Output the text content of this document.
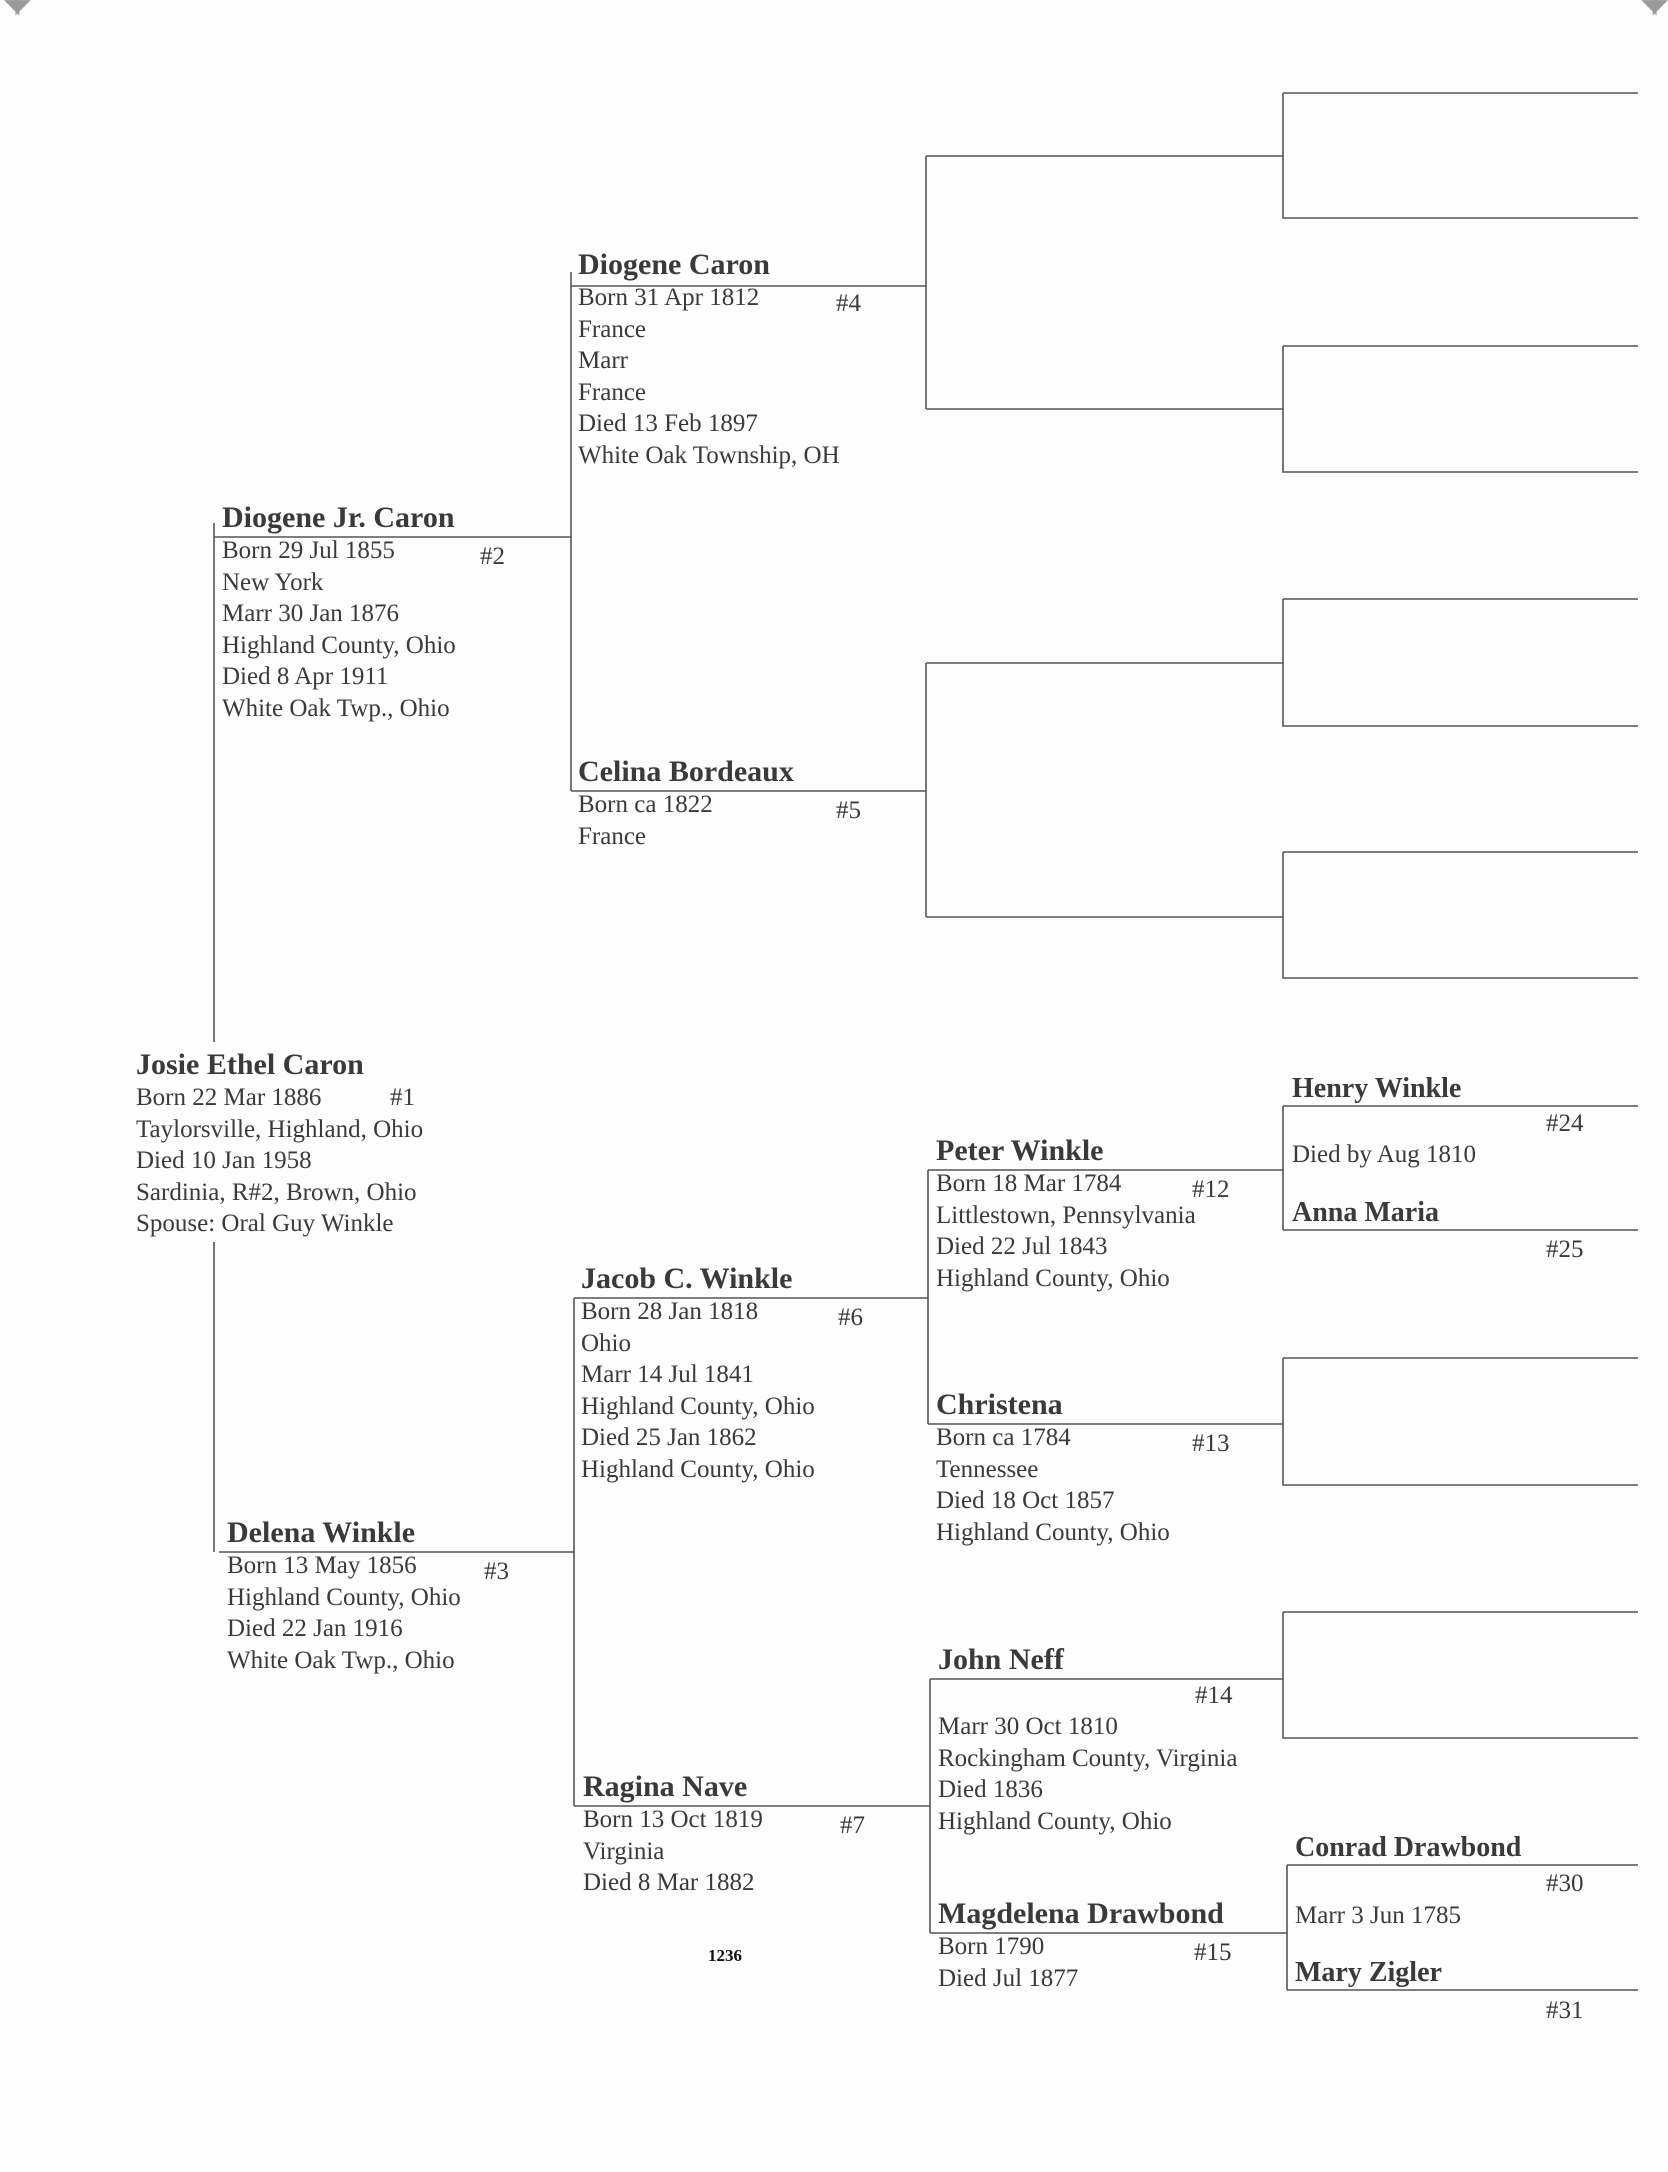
◥◤	◥◤
Josie Ethel Caron
Born 22 Mar 1886
Taylorsville, Highland, Ohio
Died 10 Jan 1958
Sardinia, R#2, Brown, Ohio
Spouse: Oral Guy Winkle
#1
Diogene Jr. Caron
Born 29 Jul 1855
New York
Marr 30 Jan 1876
Highland County, Ohio
Died 8 Apr 1911
White Oak Twp., Ohio
#2
Delena Winkle
Born 13 May 1856
Highland County, Ohio
Died 22 Jan 1916
White Oak Twp., Ohio
#3
Diogene Caron
Born 31 Apr 1812
France
Marr
France
Died 13 Feb 1897
White Oak Township, OH
#4
Celina Bordeaux
Born ca 1822
France
#5
Jacob C. Winkle
Born 28 Jan 1818
Ohio
Marr 14 Jul 1841
Highland County, Ohio
Died 25 Jan 1862
Highland County, Ohio
#6
Ragina Nave
Born 13 Oct 1819
Virginia
Died 8 Mar 1882
#7
Peter Winkle
Born 18 Mar 1784
Littlestown, Pennsylvania
Died 22 Jul 1843
Highland County, Ohio
#12
Christena
Born ca 1784
Tennessee
Died 18 Oct 1857
Highland County, Ohio
#13
John Neff
#14
Marr 30 Oct 1810
Rockingham County, Virginia
Died 1836
Highland County, Ohio
Magdelena Drawbond
Born 1790
Died Jul 1877
#15
Henry Winkle
#24
Died by Aug 1810
Anna Maria
#25
Conrad Drawbond
#30
Marr 3 Jun 1785
Mary Zigler
#31
1236
